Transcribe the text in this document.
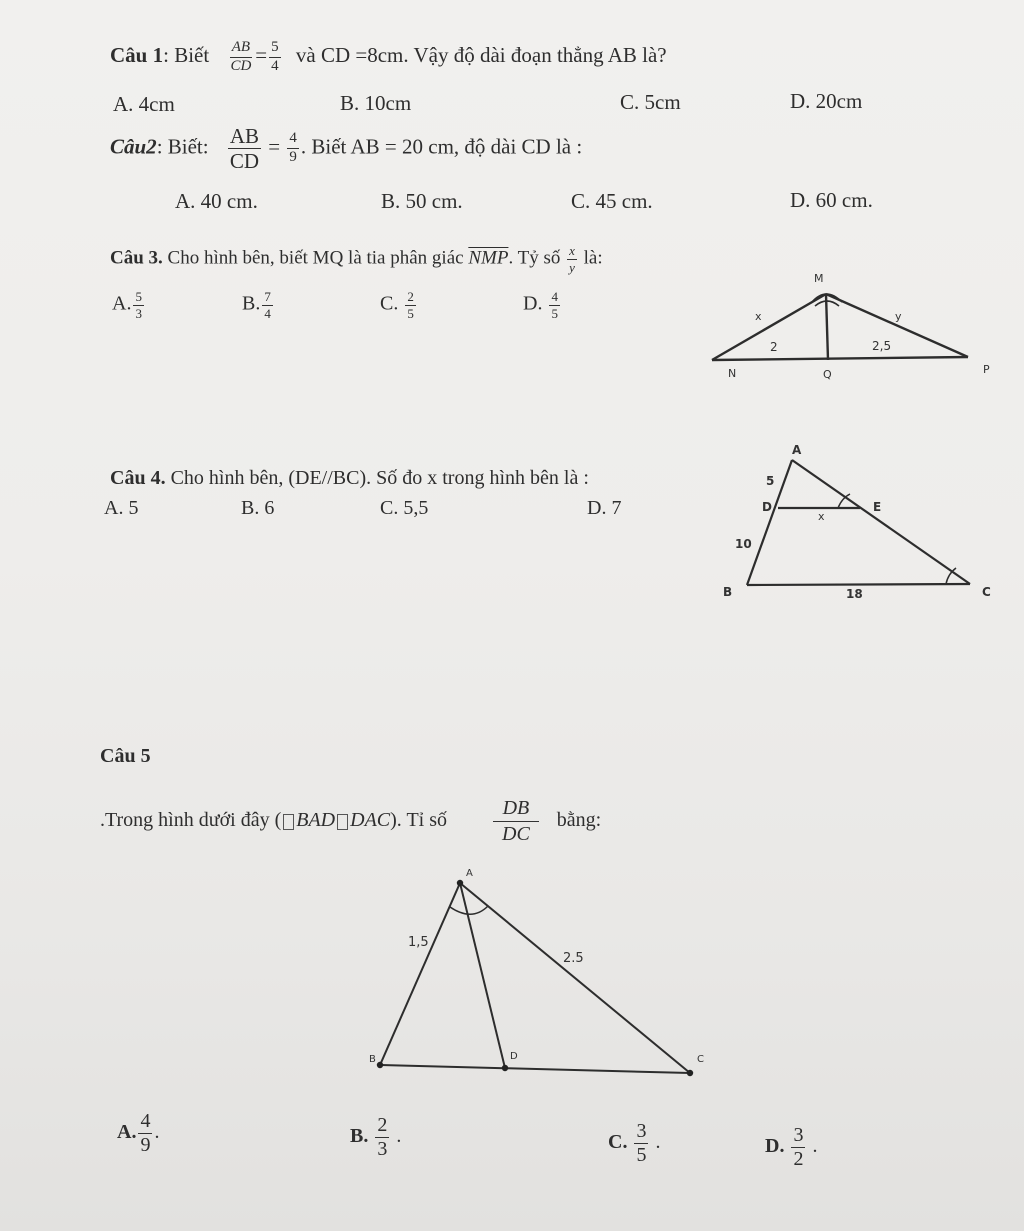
Câu 1: Biết $\frac{AB}{CD} = \frac{5}{4}$ và CD =8cm. Vậy độ dài đoạn thẳng AB là?
A. 4cm	B. 10cm	C. 5cm	D. 20cm
Câu2: Biết: $\frac{AB}{CD} = \frac{4}{9}$ . Biết AB = 20 cm, độ dài CD là :
A. 40 cm.	B. 50 cm.	C. 45 cm.	D. 60 cm.
Câu 3. Cho hình bên, biết MQ là tia phân giác $\overline{NMP}$. Tỷ số $\frac{x}{y}$ là:
A. $\frac{5}{3}$	B. $\frac{7}{4}$	C. $\frac{2}{5}$	D. $\frac{4}{5}$
M
N	Q	P
x	y
2	2,5
Câu 4. Cho hình bên, (DE//BC). Số đo x trong hình bên là :
A. 5	B. 6	C. 5,5	D. 7
A
D	E
B	C
5
10
x
18
Câu 5
.Trong hình dưới đây ( BAD DAC). Tỉ số $\frac{DB}{DC}$ bằng:
A
B	D	C
1,5
2.5
A. $\frac{4}{9}$ .	B. $\frac{2}{3}$ .	C. $\frac{3}{5}$ .	D. $\frac{3}{2}$ .
